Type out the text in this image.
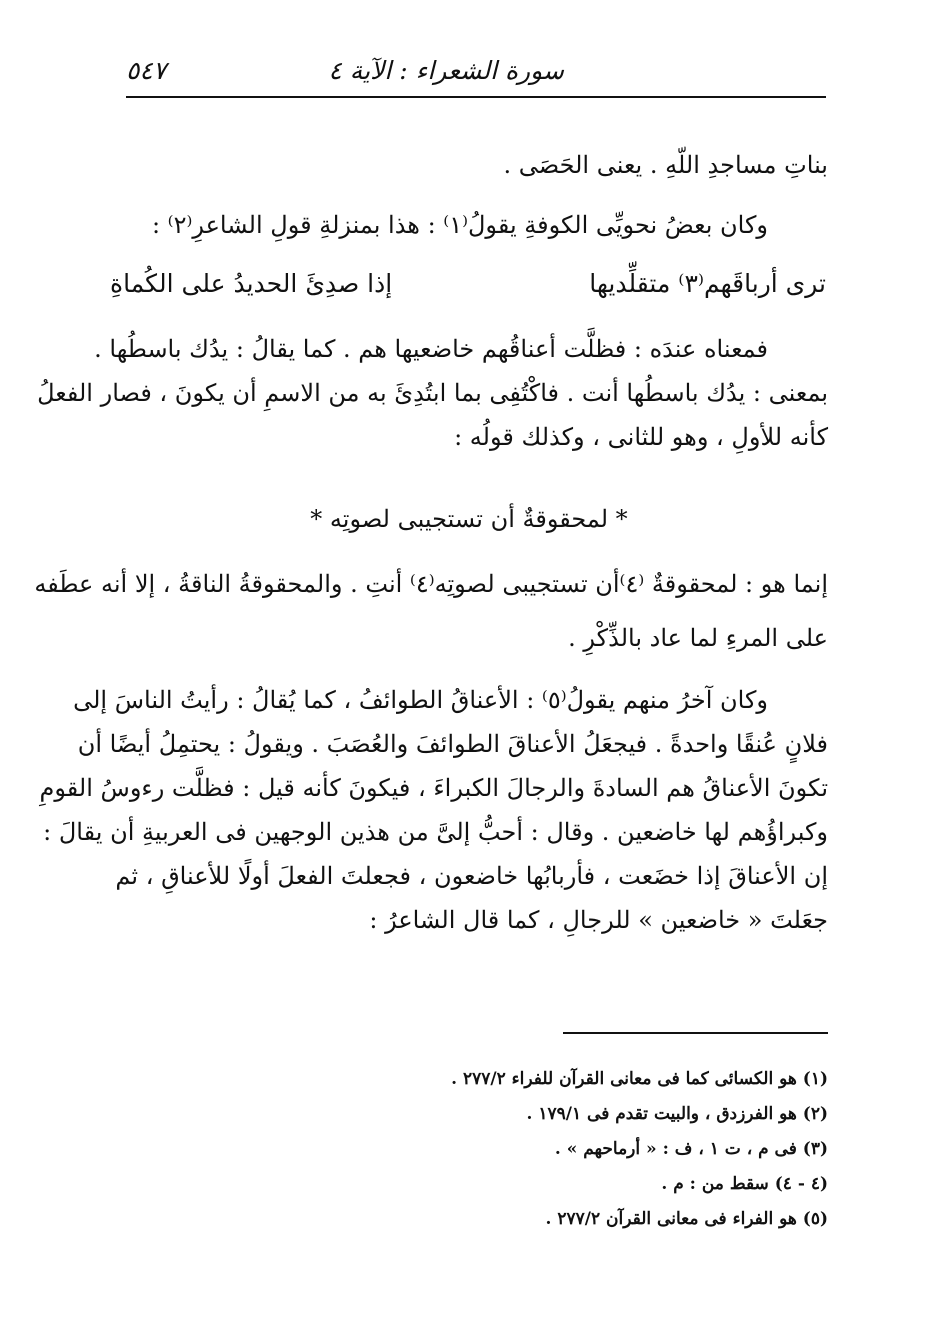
سورة الشعراء : الآية ٤
٥٤٧
بناتِ مساجدِ اللّهِ . يعنى الحَصَى .
وكان بعضُ نحويِّى الكوفةِ يقولُ⁽١⁾ : هذا بمنزلةِ قولِ الشاعرِ⁽٢⁾ :
ترى أرباقَهم⁽٣⁾ متقلِّديها
إذا صدِئَ الحديدُ على الكُماةِ
فمعناه عندَه : فظلَّت أعناقُهم خاضعيها هم . كما يقالُ : يدُك باسطُها .
بمعنى : يدُك باسطُها أنت . فاكْتُفِى بما ابتُدِئَ به من الاسمِ أن يكونَ ، فصار الفعلُ
كأنه للأولِ ، وهو للثانى ، وكذلك قولُه :
* لمحقوقةٌ أن تستجيبى لصوتِه *
إنما هو : لمحقوقةٌ ⁽٤⁾أن تستجيبى لصوتِه⁽٤⁾ أنتِ . والمحقوقةُ الناقةُ ، إلا أنه عطَفه
على المرءِ لما عاد بالذِّكْرِ .
وكان آخرُ منهم يقولُ⁽٥⁾ : الأعناقُ الطوائفُ ، كما يُقالُ : رأيتُ الناسَ إلى
فلانٍ عُنقًا واحدةً . فيجعَلُ الأعناقَ الطوائفَ والعُصَبَ . ويقولُ : يحتمِلُ أيضًا أن
تكونَ الأعناقُ هم السادةَ والرجالَ الكبراءَ ، فيكونَ كأنه قيل : فظلَّت رءوسُ القومِ
وكبراؤُهم لها خاضعين . وقال : أحبُّ إلىَّ من هذين الوجهين فى العربيةِ أن يقالَ :
إن الأعناقَ إذا خضَعت ، فأربابُها خاضعون ، فجعلتَ الفعلَ أولًا للأعناقِ ، ثم
جعَلتَ « خاضعين » للرجالِ ، كما قال الشاعرُ :
(١) هو الكسائى كما فى معانى القرآن للفراء ٢٧٧/٢ .
(٢) هو الفرزدق ، والبيت تقدم فى ١٧٩/١ .
(٣) فى م ، ت ١ ، ف : « أرماحهم » .
(٤ - ٤) سقط من : م .
(٥) هو الفراء فى معانى القرآن ٢٧٧/٢ .
